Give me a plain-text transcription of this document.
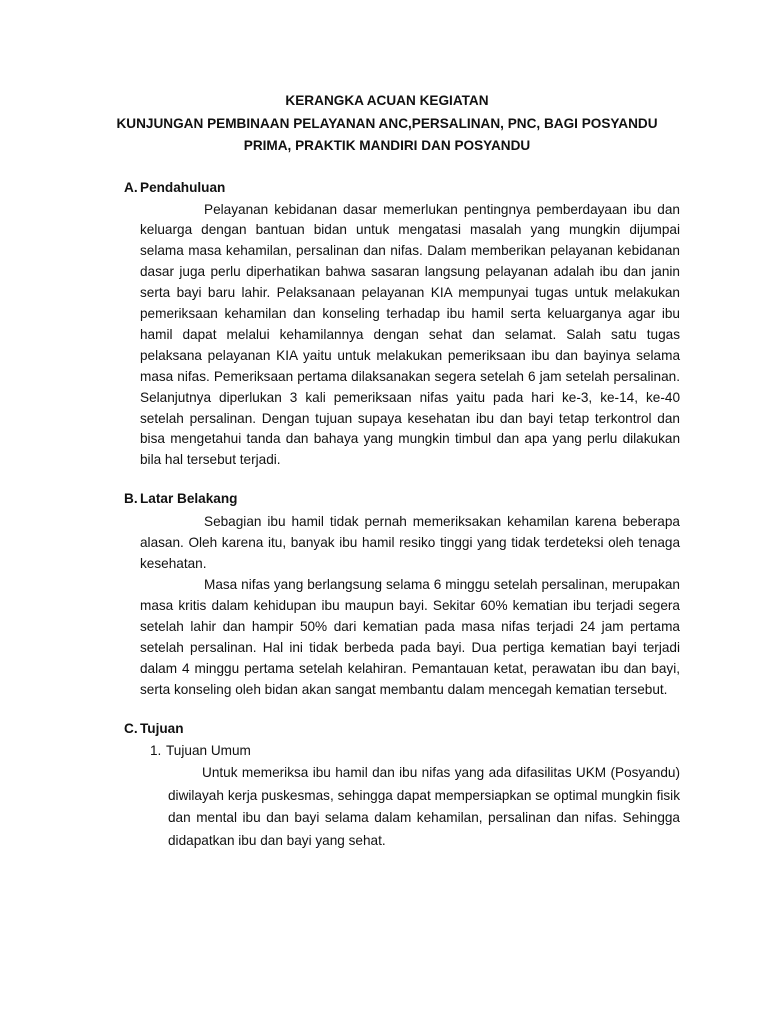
KERANGKA ACUAN KEGIATAN
KUNJUNGAN PEMBINAAN PELAYANAN ANC,PERSALINAN, PNC, BAGI POSYANDU
PRIMA, PRAKTIK MANDIRI DAN POSYANDU
A. Pendahuluan

Pelayanan kebidanan dasar memerlukan pentingnya pemberdayaan ibu dan keluarga dengan bantuan bidan untuk mengatasi masalah yang mungkin dijumpai selama masa kehamilan, persalinan dan nifas. Dalam memberikan pelayanan kebidanan dasar juga perlu diperhatikan bahwa sasaran langsung pelayanan adalah ibu dan janin serta bayi baru lahir. Pelaksanaan pelayanan KIA mempunyai tugas untuk melakukan pemeriksaan kehamilan dan konseling terhadap ibu hamil serta keluarganya agar ibu hamil dapat melalui kehamilannya dengan sehat dan selamat. Salah satu tugas pelaksana pelayanan KIA yaitu untuk melakukan pemeriksaan ibu dan bayinya selama masa nifas. Pemeriksaan pertama dilaksanakan segera setelah 6 jam setelah persalinan. Selanjutnya diperlukan 3 kali pemeriksaan nifas yaitu pada hari ke-3, ke-14, ke-40 setelah persalinan. Dengan tujuan supaya kesehatan ibu dan bayi tetap terkontrol dan bisa mengetahui tanda dan bahaya yang mungkin timbul dan apa yang perlu dilakukan bila hal tersebut terjadi.

B. Latar Belakang

Sebagian ibu hamil tidak pernah memeriksakan kehamilan karena beberapa alasan. Oleh karena itu, banyak ibu hamil resiko tinggi yang tidak terdeteksi oleh tenaga kesehatan.

Masa nifas yang berlangsung selama 6 minggu setelah persalinan, merupakan masa kritis dalam kehidupan ibu maupun bayi. Sekitar 60% kematian ibu terjadi segera setelah lahir dan hampir 50% dari kematian pada masa nifas terjadi 24 jam pertama setelah persalinan. Hal ini tidak berbeda pada bayi. Dua pertiga kematian bayi terjadi dalam 4 minggu pertama setelah kelahiran. Pemantauan ketat, perawatan ibu dan bayi, serta konseling oleh bidan akan sangat membantu dalam mencegah kematian tersebut.

C. Tujuan
1. Tujuan Umum

Untuk memeriksa ibu hamil dan ibu nifas yang ada difasilitas UKM (Posyandu) diwilayah kerja puskesmas, sehingga dapat mempersiapkan se optimal mungkin fisik dan mental ibu dan bayi selama dalam kehamilan, persalinan dan nifas. Sehingga didapatkan ibu dan bayi yang sehat.
